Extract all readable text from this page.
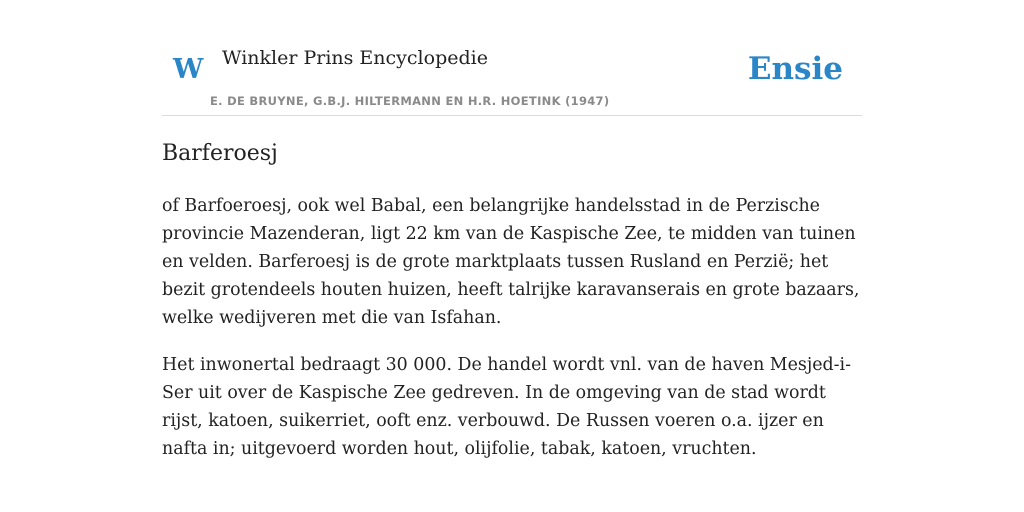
W Winkler Prins Encyclopedie
E. DE BRUYNE, G.B.J. HILTERMANN EN H.R. HOETINK (1947)
Ensie
Barferoesj

of Barfoeroesj, ook wel Babal, een belangrijke handelsstad in de Perzische provincie Mazenderan, ligt 22 km van de Kaspische Zee, te midden van tuinen en velden. Barferoesj is de grote marktplaats tussen Rusland en Perzië; het bezit grotendeels houten huizen, heeft talrijke karavanserais en grote bazaars, welke wedijveren met die van Isfahan.

Het inwonertal bedraagt 30 000. De handel wordt vnl. van de haven Mesjed-i-Ser uit over de Kaspische Zee gedreven. In de omgeving van de stad wordt rijst, katoen, suikerriet, ooft enz. verbouwd. De Russen voeren o.a. ijzer en nafta in; uitgevoerd worden hout, olijfolie, tabak, katoen, vruchten.
